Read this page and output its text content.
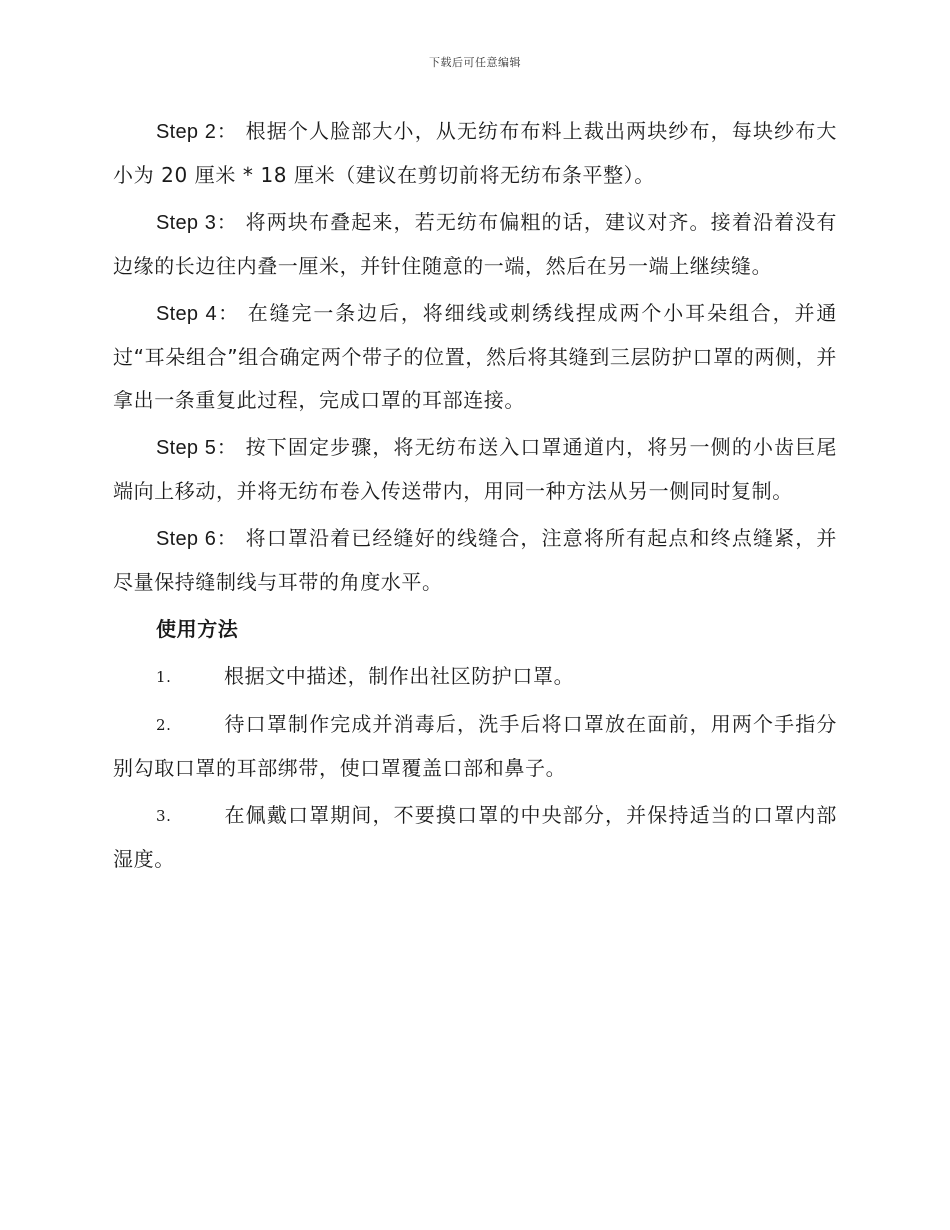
下载后可任意编辑

Step 2： 根据个人脸部大小，从无纺布布料上裁出两块纱布，每块纱布大小为 20 厘米 * 18 厘米（建议在剪切前将无纺布条平整）。

Step 3： 将两块布叠起来，若无纺布偏粗的话，建议对齐。接着沿着没有边缘的长边往内叠一厘米，并针住随意的一端，然后在另一端上继续缝。

Step 4： 在缝完一条边后，将细线或刺绣线捏成两个小耳朵组合，并通过“耳朵组合”组合确定两个带子的位置，然后将其缝到三层防护口罩的两侧，并拿出一条重复此过程，完成口罩的耳部连接。

Step 5： 按下固定步骤，将无纺布送入口罩通道内，将另一侧的小齿巨尾端向上移动，并将无纺布卷入传送带内，用同一种方法从另一侧同时复制。

Step 6： 将口罩沿着已经缝好的线缝合，注意将所有起点和终点缝紧，并尽量保持缝制线与耳带的角度水平。

使用方法

1.	根据文中描述，制作出社区防护口罩。

2.	待口罩制作完成并消毒后，洗手后将口罩放在面前，用两个手指分别勾取口罩的耳部绑带，使口罩覆盖口部和鼻子。

3.	在佩戴口罩期间，不要摸口罩的中央部分，并保持适当的口罩内部湿度。
